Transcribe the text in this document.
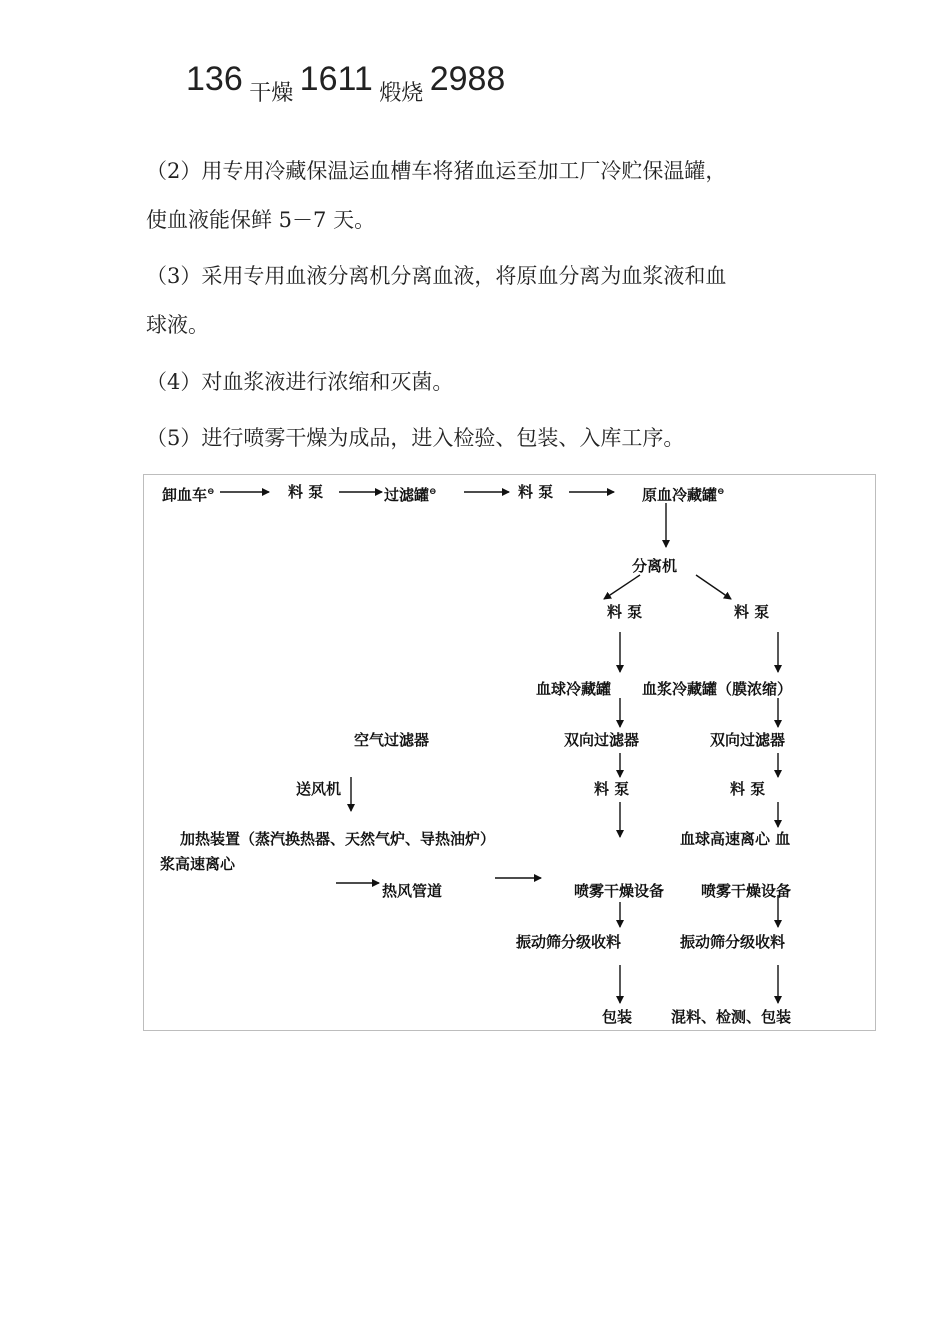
136 干燥 1611 煅烧 2988
（2）用专用冷藏保温运血槽车将猪血运至加工厂冷贮保温罐，
使血液能保鲜 5－7 天。
（3）采用专用血液分离机分离血液，将原血分离为血浆液和血
球液。
（4）对血浆液进行浓缩和灭菌。
（5）进行喷雾干燥为成品，进入检验、包装、入库工序。
卸血车⊖	料 泵	过滤罐⊖	料 泵	原血冷藏罐⊖
分离机
料 泵	料 泵
血球冷藏罐 血浆冷藏罐（膜浓缩）
空气过滤器	双向过滤器	双向过滤器
送风机	料 泵	料 泵
加热装置（蒸汽换热器、天然气炉、导热油炉）	血球高速离心 血
浆高速离心
热风管道	喷雾干燥设备 喷雾干燥设备
振动筛分级收料	振动筛分级收料
包装	混料、检测、包装
